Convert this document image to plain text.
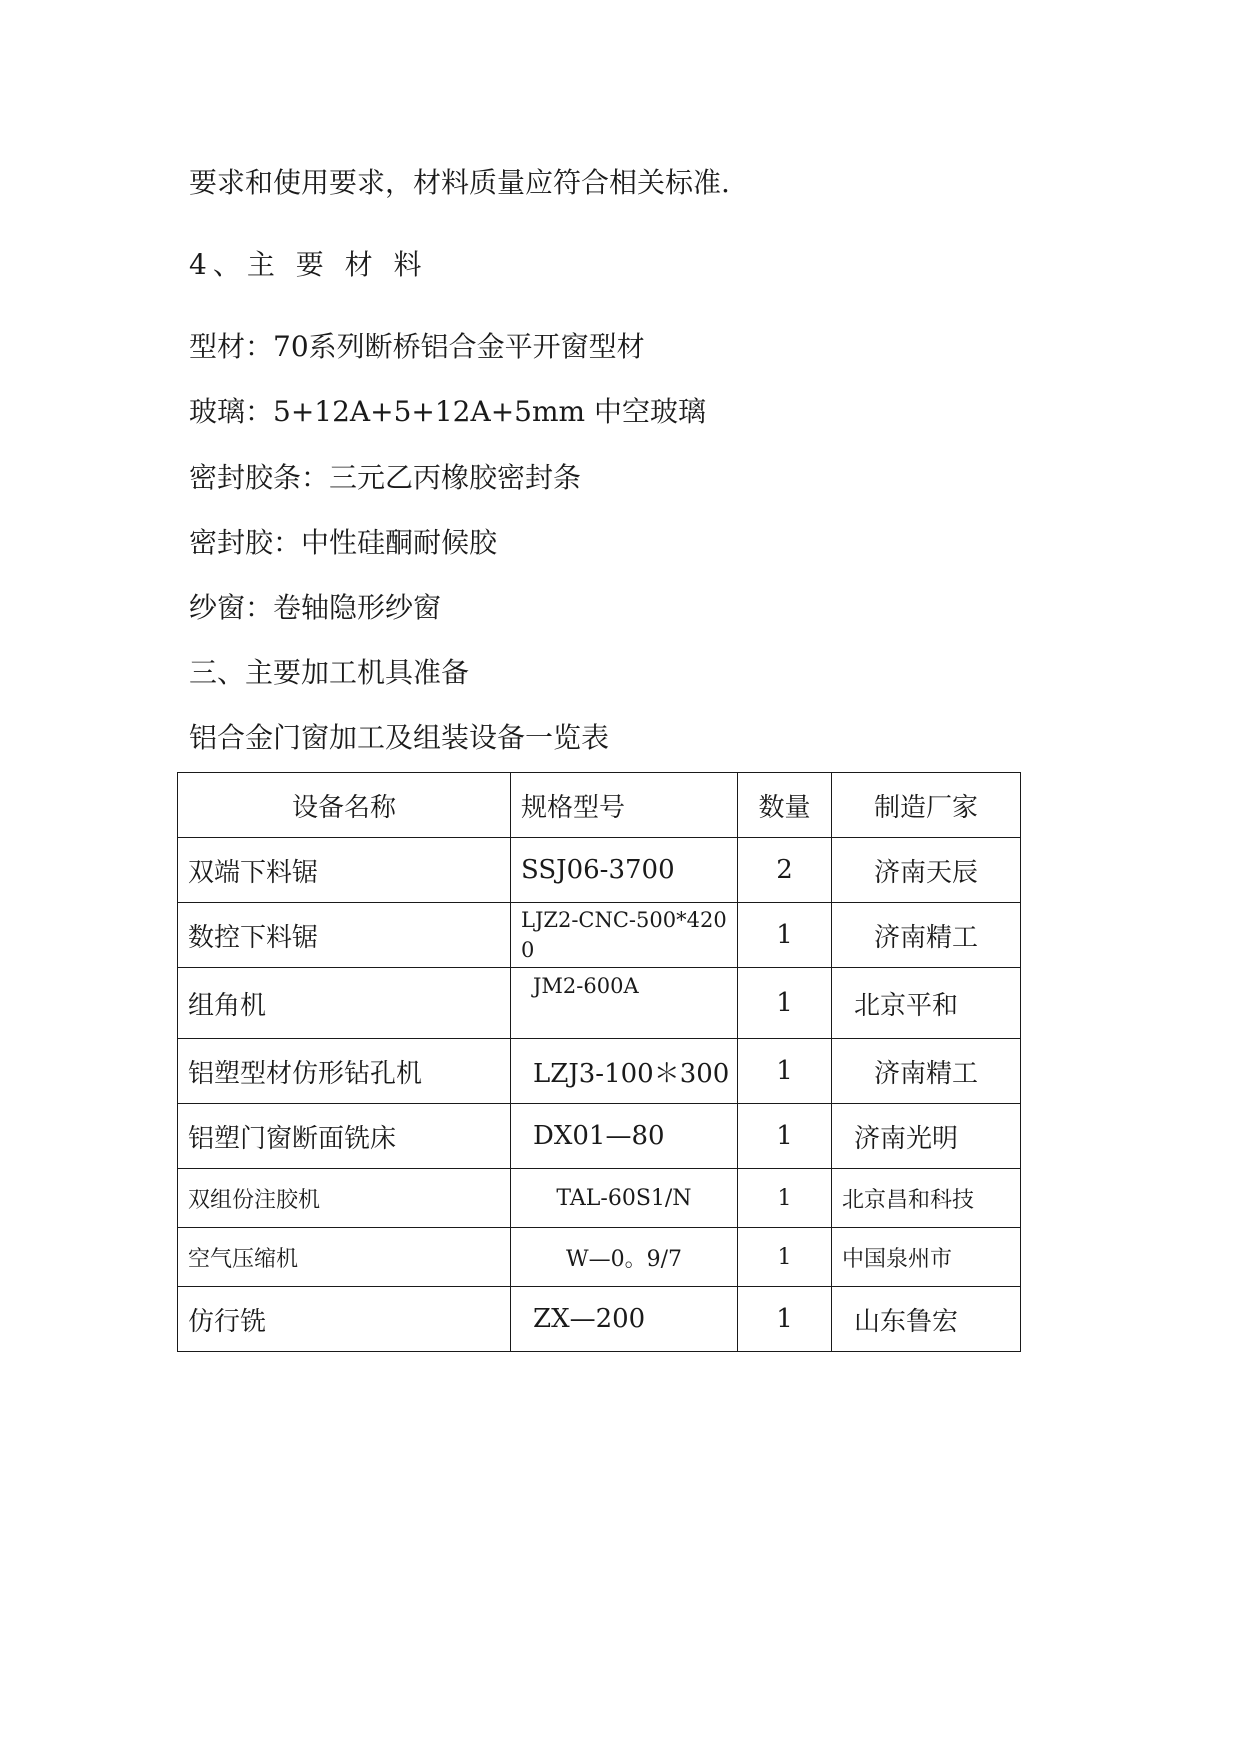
要求和使用要求，材料质量应符合相关标准.
4、主 要 材 料
型材：70系列断桥铝合金平开窗型材
玻璃：5+12A+5+12A+5mm 中空玻璃
密封胶条：三元乙丙橡胶密封条
密封胶：中性硅酮耐候胶
纱窗：卷轴隐形纱窗
三、主要加工机具准备
铝合金门窗加工及组装设备一览表
设备名称	规格型号	数量	制造厂家
双端下料锯	SSJ06-3700	2	济南天辰
数控下料锯	LJZ2-CNC-500*4200	1	济南精工
组角机	JM2-600A	1	北京平和
铝塑型材仿形钻孔机	LZJ3-100＊300	1	济南精工
铝塑门窗断面铣床	DX01—80	1	济南光明
双组份注胶机	TAL-60S1/N	1	北京昌和科技
空气压缩机	W—0。9/7	1	中国泉州市
仿行铣	ZX—200	1	山东鲁宏
